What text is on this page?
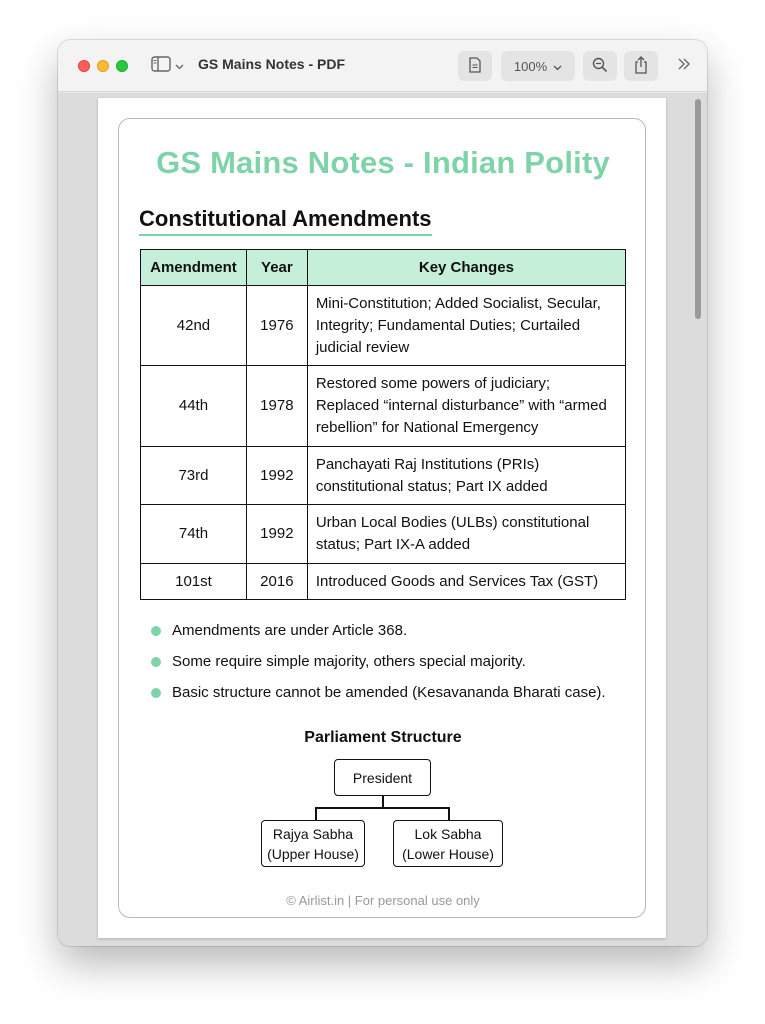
GS Mains Notes - PDF	100%
GS Mains Notes - Indian Polity
Constitutional Amendments
Amendment	Year	Key Changes
42nd	1976	Mini-Constitution; Added Socialist, Secular, Integrity; Fundamental Duties; Curtailed judicial review
44th	1978	Restored some powers of judiciary; Replaced “internal disturbance” with “armed rebellion” for National Emergency
73rd	1992	Panchayati Raj Institutions (PRIs) constitutional status; Part IX added
74th	1992	Urban Local Bodies (ULBs) constitutional status; Part IX-A added
101st	2016	Introduced Goods and Services Tax (GST)
Amendments are under Article 368.
Some require simple majority, others special majority.
Basic structure cannot be amended (Kesavananda Bharati case).
Parliament Structure
President
Rajya Sabha
(Upper House)
Lok Sabha
(Lower House)
© Airlist.in | For personal use only
